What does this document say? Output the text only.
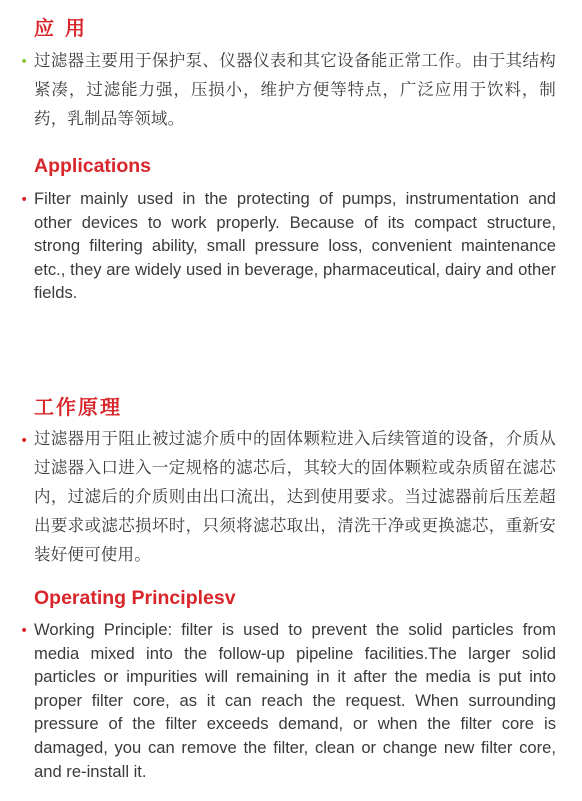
应 用
• 过滤器主要用于保护泵、仪器仪表和其它设备能正常工作。由于其结构紧凑，过滤能力强，压损小，维护方便等特点，广泛应用于饮料，制药，乳制品等领域。

Applications
• Filter mainly used in the protecting of pumps, instrumentation and other devices to work properly. Because of its compact structure, strong filtering ability, small pressure loss, convenient maintenance etc., they are widely used in beverage, pharmaceutical, dairy and other fields.

工作原理
• 过滤器用于阻止被过滤介质中的固体颗粒进入后续管道的设备，介质从过滤器入口进入一定规格的滤芯后，其较大的固体颗粒或杂质留在滤芯内，过滤后的介质则由出口流出，达到使用要求。当过滤器前后压差超出要求或滤芯损坏时，只须将滤芯取出，清洗干净或更换滤芯，重新安装好便可使用。

Operating Principlesv
• Working Principle: filter is used to prevent the solid particles from media mixed into the follow-up pipeline facilities.The larger solid particles or impurities will remaining in it after the media is put into proper filter core, as it can reach the request. When surrounding pressure of the filter exceeds demand, or when the filter core is damaged, you can remove the filter, clean or change new filter core, and re-install it.
